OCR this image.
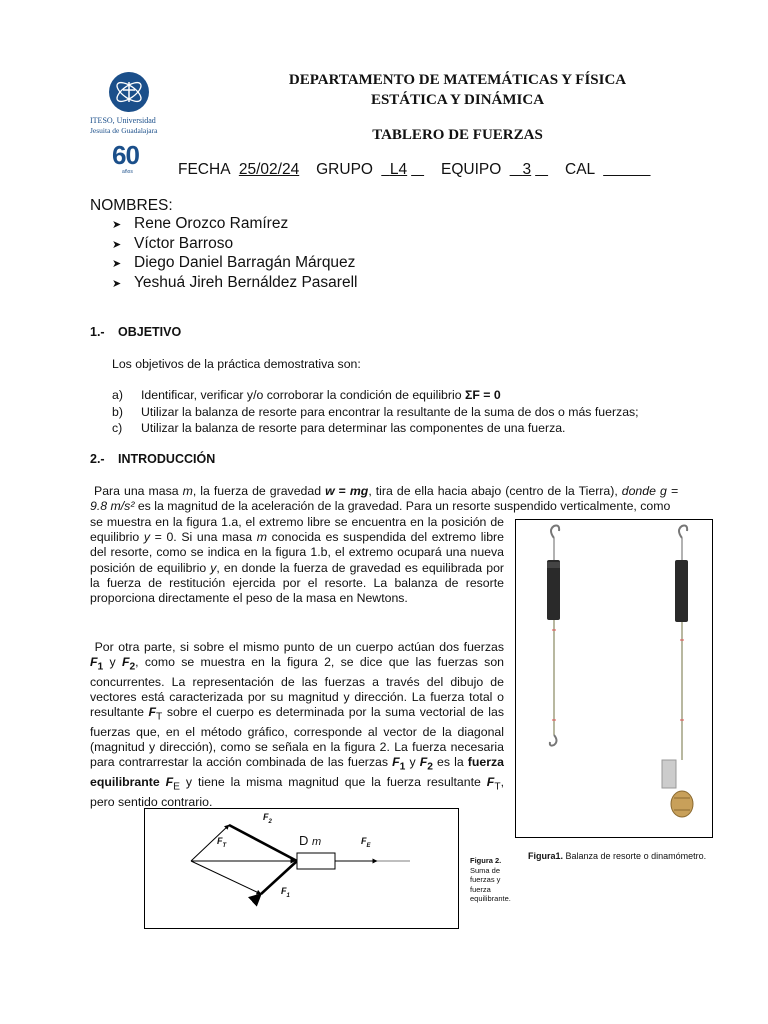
ITESO, Universidad
Jesuita de Guadalajara
60
años
DEPARTAMENTO DE MATEMÁTICAS Y FÍSICA
ESTÁTICA Y DINÁMICA
TABLERO DE FUERZAS
FECHA 25/02/24 GRUPO L4 EQUIPO 3 CAL
NOMBRES:
➤ Rene Orozco Ramírez
➤ Víctor Barroso
➤ Diego Daniel Barragán Márquez
➤ Yeshuá Jireh Bernáldez Pasarell
1.- OBJETIVO
Los objetivos de la práctica demostrativa son:
a) Identificar, verificar y/o corroborar la condición de equilibrio ΣF = 0
b) Utilizar la balanza de resorte para encontrar la resultante de la suma de dos o más fuerzas;
c) Utilizar la balanza de resorte para determinar las componentes de una fuerza.
2.- INTRODUCCIÓN
Para una masa m, la fuerza de gravedad w = mg, tira de ella hacia abajo (centro de la Tierra), donde g = 9.8 m/s² es la magnitud de la aceleración de la gravedad. Para un resorte suspendido verticalmente, como
se muestra en la figura 1.a, el extremo libre se encuentra en la posición de equilibrio y = 0. Si una masa m conocida es suspendida del extremo libre del resorte, como se indica en la figura 1.b, el extremo ocupará una nueva posición de equilibrio y, en donde la fuerza de gravedad es equilibrada por la fuerza de restitución ejercida por el resorte. La balanza de resorte proporciona directamente el peso de la masa en Newtons.
Por otra parte, si sobre el mismo punto de un cuerpo actúan dos fuerzas $F_1$ y $F_2$, como se muestra en la figura 2, se dice que las fuerzas son concurrentes. La representación de las fuerzas a través del dibujo de vectores está caracterizada por su magnitud y dirección. La fuerza total o resultante $F_T$ sobre el cuerpo es determinada por la suma vectorial de las fuerzas que, en el método gráfico, corresponde al vector de la diagonal (magnitud y dirección), como se señala en la figura 2. La fuerza necesaria para contrarrestar la acción combinada de las fuerzas $F_1$ y $F_2$ es la fuerza equilibrante $F_E$ y tiene la misma magnitud que la fuerza resultante $F_T$, pero sentido contrario.
Figura1. Balanza de resorte o dinamómetro.
$F_2$
$F_T$
$F_1$
$F_E$
D m
Figura 2.
Suma de fuerzas y fuerza equilibrante.
